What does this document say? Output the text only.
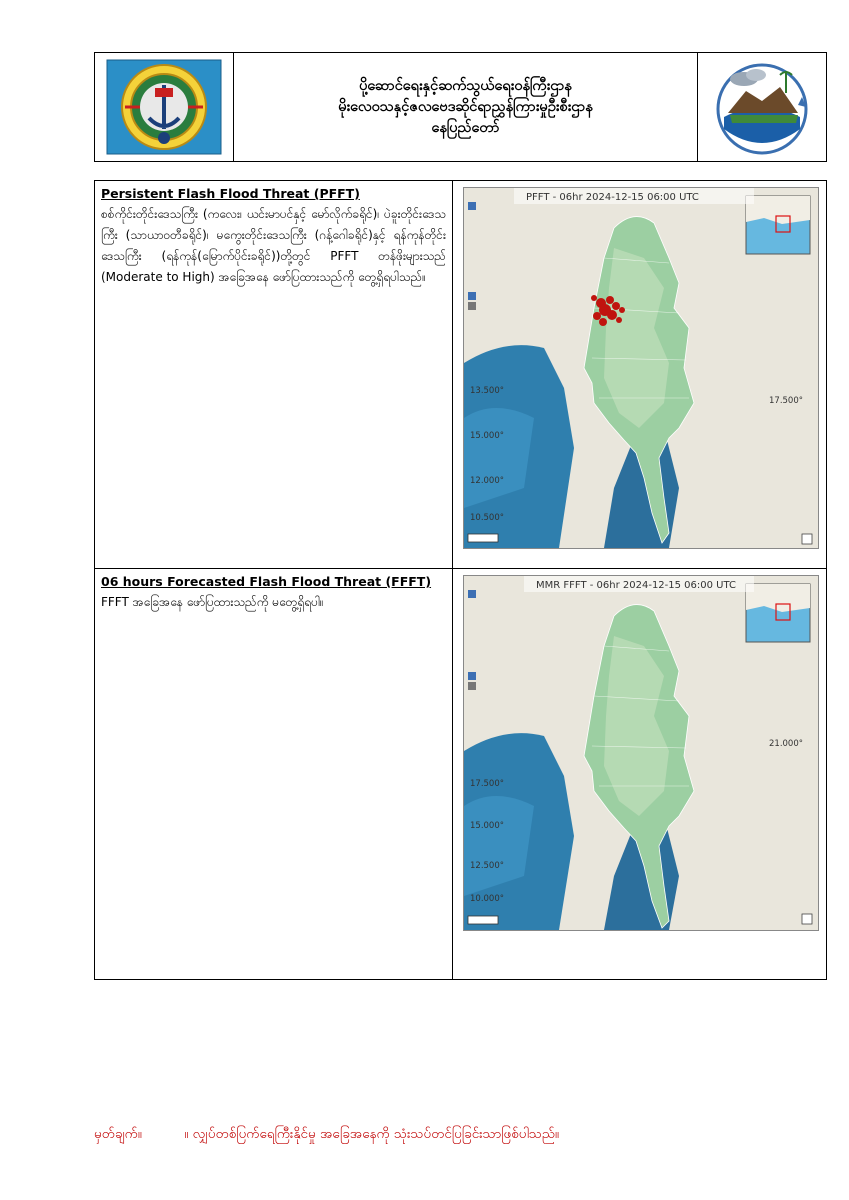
ပို့ဆောင်ရေးနှင့်ဆက်သွယ်ရေးဝန်ကြီးဌာန
မိုးလေဝသနှင့်ဇလဗေဒဆိုင်ရာညွှန်ကြားမှုဦးစီးဌာန
နေပြည်တော်
Persistent Flash Flood Threat (PFFT)
စစ်ကိုင်းတိုင်းဒေသကြီး (ကလေး၊ ယင်းမာပင်နှင့် မော်လိုက်ခရိုင်)၊ ပဲခူးတိုင်းဒေသကြီး (သာယာဝတီခရိုင်)၊ မကွေးတိုင်းဒေသကြီး (ဂန့်ဂေါခရိုင်)နှင့် ရန်ကုန်တိုင်းဒေသကြီး (ရန်ကုန်(မြောက်ပိုင်းခရိုင်))တို့တွင် PFFT တန်ဖိုးများသည် (Moderate to High) အခြေအနေ ဖော်ပြထားသည်ကို တွေ့ရှိရပါသည်။
13.500°
15.000°
12.000°
10.500°
17.500°
PFFT - 06hr 2024-12-15 06:00 UTC
06 hours Forecasted Flash Flood Threat (FFFT)
FFFT အခြေအနေ ဖော်ပြထားသည်ကို မတွေ့ရှိရပါ။
17.500°
15.000°
12.500°
10.000°
21.000°
MMR FFFT - 06hr 2024-12-15 06:00 UTC
မှတ်ချက်။	။ လျှပ်တစ်ပြက်ရေကြီးနိုင်မှု အခြေအနေကို သုံးသပ်တင်ပြခြင်းသာဖြစ်ပါသည်။
